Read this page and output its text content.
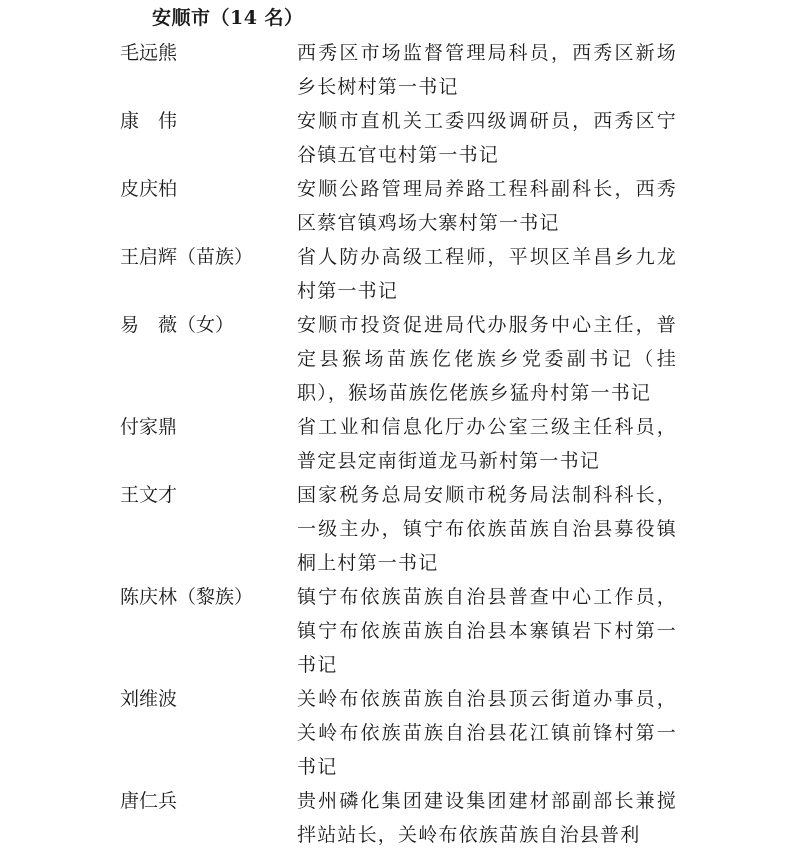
安顺市（14 名）
毛远熊	西秀区市场监督管理局科员，西秀区新场乡长树村第一书记
康　伟	安顺市直机关工委四级调研员，西秀区宁谷镇五官屯村第一书记
皮庆柏	安顺公路管理局养路工程科副科长，西秀区蔡官镇鸡场大寨村第一书记
王启辉（苗族）	省人防办高级工程师，平坝区羊昌乡九龙村第一书记
易　薇（女）	安顺市投资促进局代办服务中心主任，普定县猴场苗族仡佬族乡党委副书记（挂职），猴场苗族仡佬族乡猛舟村第一书记
付家鼎	省工业和信息化厅办公室三级主任科员，普定县定南街道龙马新村第一书记
王文才	国家税务总局安顺市税务局法制科科长，一级主办，镇宁布依族苗族自治县募役镇桐上村第一书记
陈庆林（黎族）	镇宁布依族苗族自治县普查中心工作员，镇宁布依族苗族自治县本寨镇岩下村第一书记
刘维波	关岭布依族苗族自治县顶云街道办事员，关岭布依族苗族自治县花江镇前锋村第一书记
唐仁兵	贵州磷化集团建设集团建材部副部长兼搅拌站站长，关岭布依族苗族自治县普利
